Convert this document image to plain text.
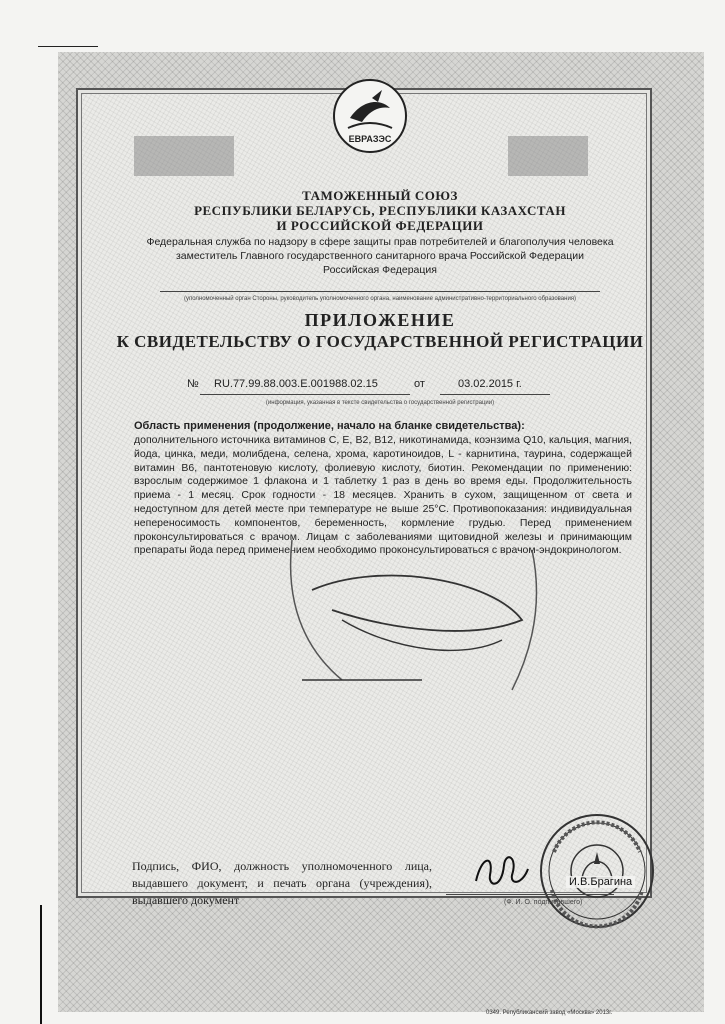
ЕВРАЗЭС
ТАМОЖЕННЫЙ СОЮЗ
РЕСПУБЛИКИ БЕЛАРУСЬ, РЕСПУБЛИКИ КАЗАХСТАН
И РОССИЙСКОЙ ФЕДЕРАЦИИ
Федеральная служба по надзору в сфере защиты прав потребителей и благополучия человека
заместитель Главного государственного санитарного врача Российской Федерации
Российская Федерация
(уполномоченный орган Стороны, руководитель уполномоченного органа, наименование административно-территориального образования)
ПРИЛОЖЕНИЕ
К СВИДЕТЕЛЬСТВУ О ГОСУДАРСТВЕННОЙ РЕГИСТРАЦИИ
№ RU.77.99.88.003.E.001988.02.15	от	03.02.2015 г.
(информация, указанная в тексте свидетельства о государственной регистрации)
Область применения (продолжение, начало на бланке свидетельства):
дополнительного источника витаминов С, Е, В2, В12, никотинамида, коэнзима Q10, кальция, магния, йода, цинка, меди, молибдена, селена, хрома, каротиноидов, L - карнитина, таурина, содержащей витамин В6, пантотеновую кислоту, фолиевую кислоту, биотин. Рекомендации по применению: взрослым содержимое 1 флакона и 1 таблетку 1 раз в день во время еды. Продолжительность приема - 1 месяц. Срок годности - 18 месяцев. Хранить в сухом, защищенном от света и недоступном для детей месте при температуре не выше 25°С. Противопоказания: индивидуальная непереносимость компонентов, беременность, кормление грудью. Перед применением проконсультироваться с врачом. Лицам с заболеваниями щитовидной железы и принимающим препараты йода перед применением необходимо проконсультироваться с врачом-эндокринологом.
Подпись, ФИО, должность уполномоченного лица, выдавшего документ, и печать органа (учреждения), выдавшего документ
И.В.Брагина
(Ф. И. О. подписавшего)
0349. Републиканский завод «Москва» 2013г.
